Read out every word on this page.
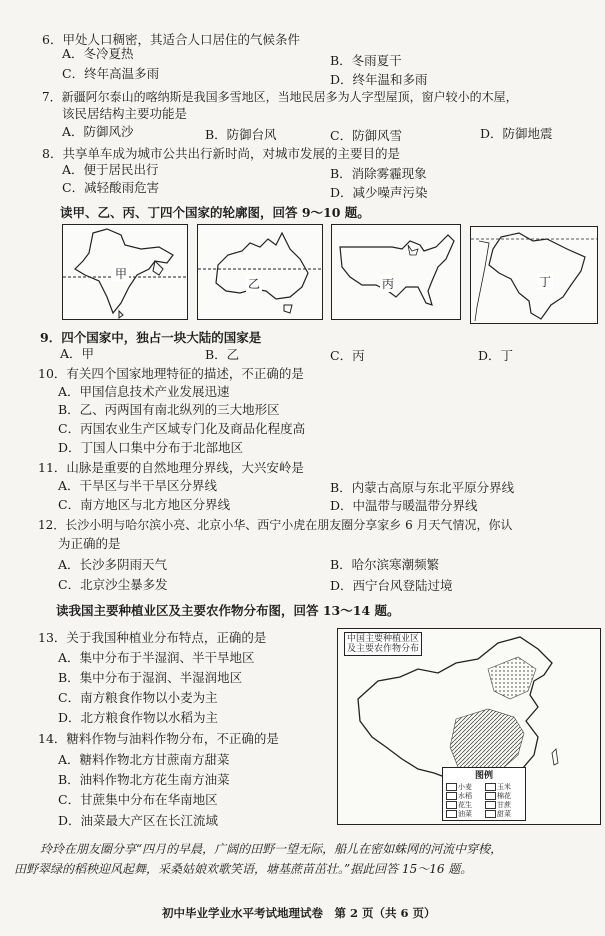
6．甲处人口稠密，其适合人口居住的气候条件
A．冬冷夏热	B．冬雨夏干
C．终年高温多雨	D．终年温和多雨
7．新疆阿尔泰山的喀纳斯是我国多雪地区，当地民居多为人字型屋顶，窗户较小的木屋，
该民居结构主要功能是
A．防御风沙	B．防御台风	C．防御风雪	D．防御地震
8．共享单车成为城市公共出行新时尚，对城市发展的主要目的是
A．便于居民出行	B．消除雾霾现象
C．减轻酸雨危害	D．减少噪声污染
读甲、乙、丙、丁四个国家的轮廓图，回答 9～10 题。
甲
乙	丙	丁
9．四个国家中，独占一块大陆的国家是
A．甲	B．乙	C．丙	D．丁
10．有关四个国家地理特征的描述，不正确的是
A．甲国信息技术产业发展迅速
B．乙、丙两国有南北纵列的三大地形区
C．丙国农业生产区域专门化及商品化程度高
D．丁国人口集中分布于北部地区
11．山脉是重要的自然地理分界线，大兴安岭是
A．干旱区与半干旱区分界线	B．内蒙古高原与东北平原分界线
C．南方地区与北方地区分界线	D．中温带与暖温带分界线
12．长沙小明与哈尔滨小亮、北京小华、西宁小虎在朋友圈分享家乡 6 月天气情况，你认
为正确的是
A．长沙多阴雨天气	B．哈尔滨寒潮频繁
C．北京沙尘暴多发	D．西宁台风登陆过境
读我国主要种植业区及主要农作物分布图，回答 13～14 题。
13．关于我国种植业分布特点，正确的是
A．集中分布于半湿润、半干旱地区
B．集中分布于湿润、半湿润地区
C．南方粮食作物以小麦为主
D．北方粮食作物以水稻为主
14．糖料作物与油料作物分布，不正确的是
A．糖料作物北方甘蔗南方甜菜
B．油料作物北方花生南方油菜
C．甘蔗集中分布在华南地区
D．油菜最大产区在长江流域
中国主要种植业区
及主要农作物分布
图例
小麦	玉米
水稻	棉花
花生	甘蔗
油菜	甜菜
玲玲在朋友圈分享“四月的早晨，广阔的田野一望无际，船儿在密如蛛网的河流中穿梭，
田野翠绿的稻秧迎风起舞，采桑姑娘欢歌笑语，塘基蔗苗茁壮。”据此回答 15～16 题。
初中毕业学业水平考试地理试卷　第 2 页（共 6 页）
